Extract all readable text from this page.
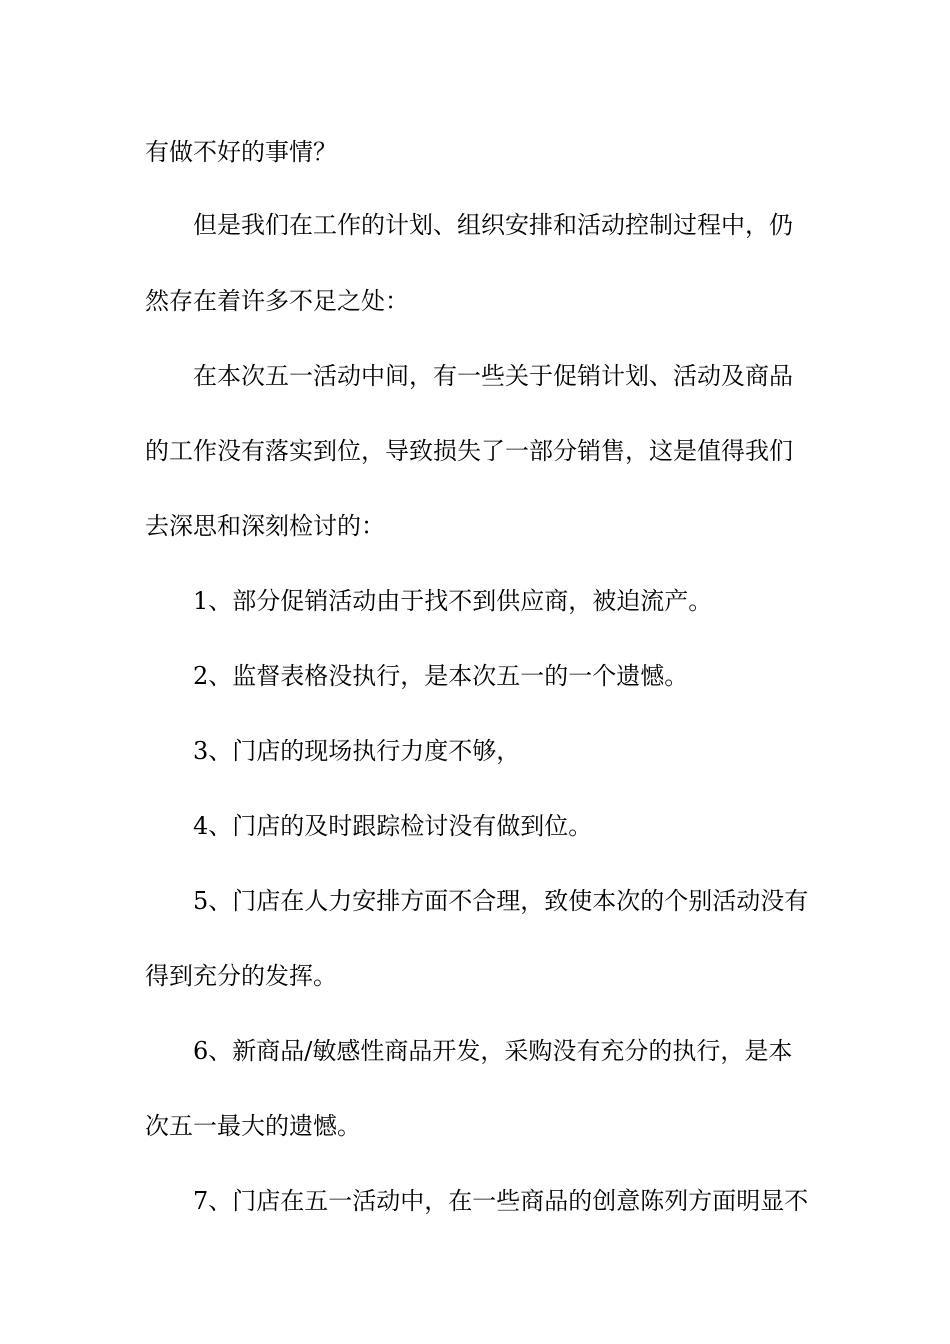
有做不好的事情？
但是我们在工作的计划、组织安排和活动控制过程中，仍
然存在着许多不足之处：
在本次五一活动中间，有一些关于促销计划、活动及商品
的工作没有落实到位，导致损失了一部分销售，这是值得我们
去深思和深刻检讨的：
1、部分促销活动由于找不到供应商，被迫流产。
2、监督表格没执行，是本次五一的一个遗憾。
3、门店的现场执行力度不够，
4、门店的及时跟踪检讨没有做到位。
5、门店在人力安排方面不合理，致使本次的个别活动没有
得到充分的发挥。
6、新商品/敏感性商品开发，采购没有充分的执行，是本
次五一最大的遗憾。
7、门店在五一活动中，在一些商品的创意陈列方面明显不
